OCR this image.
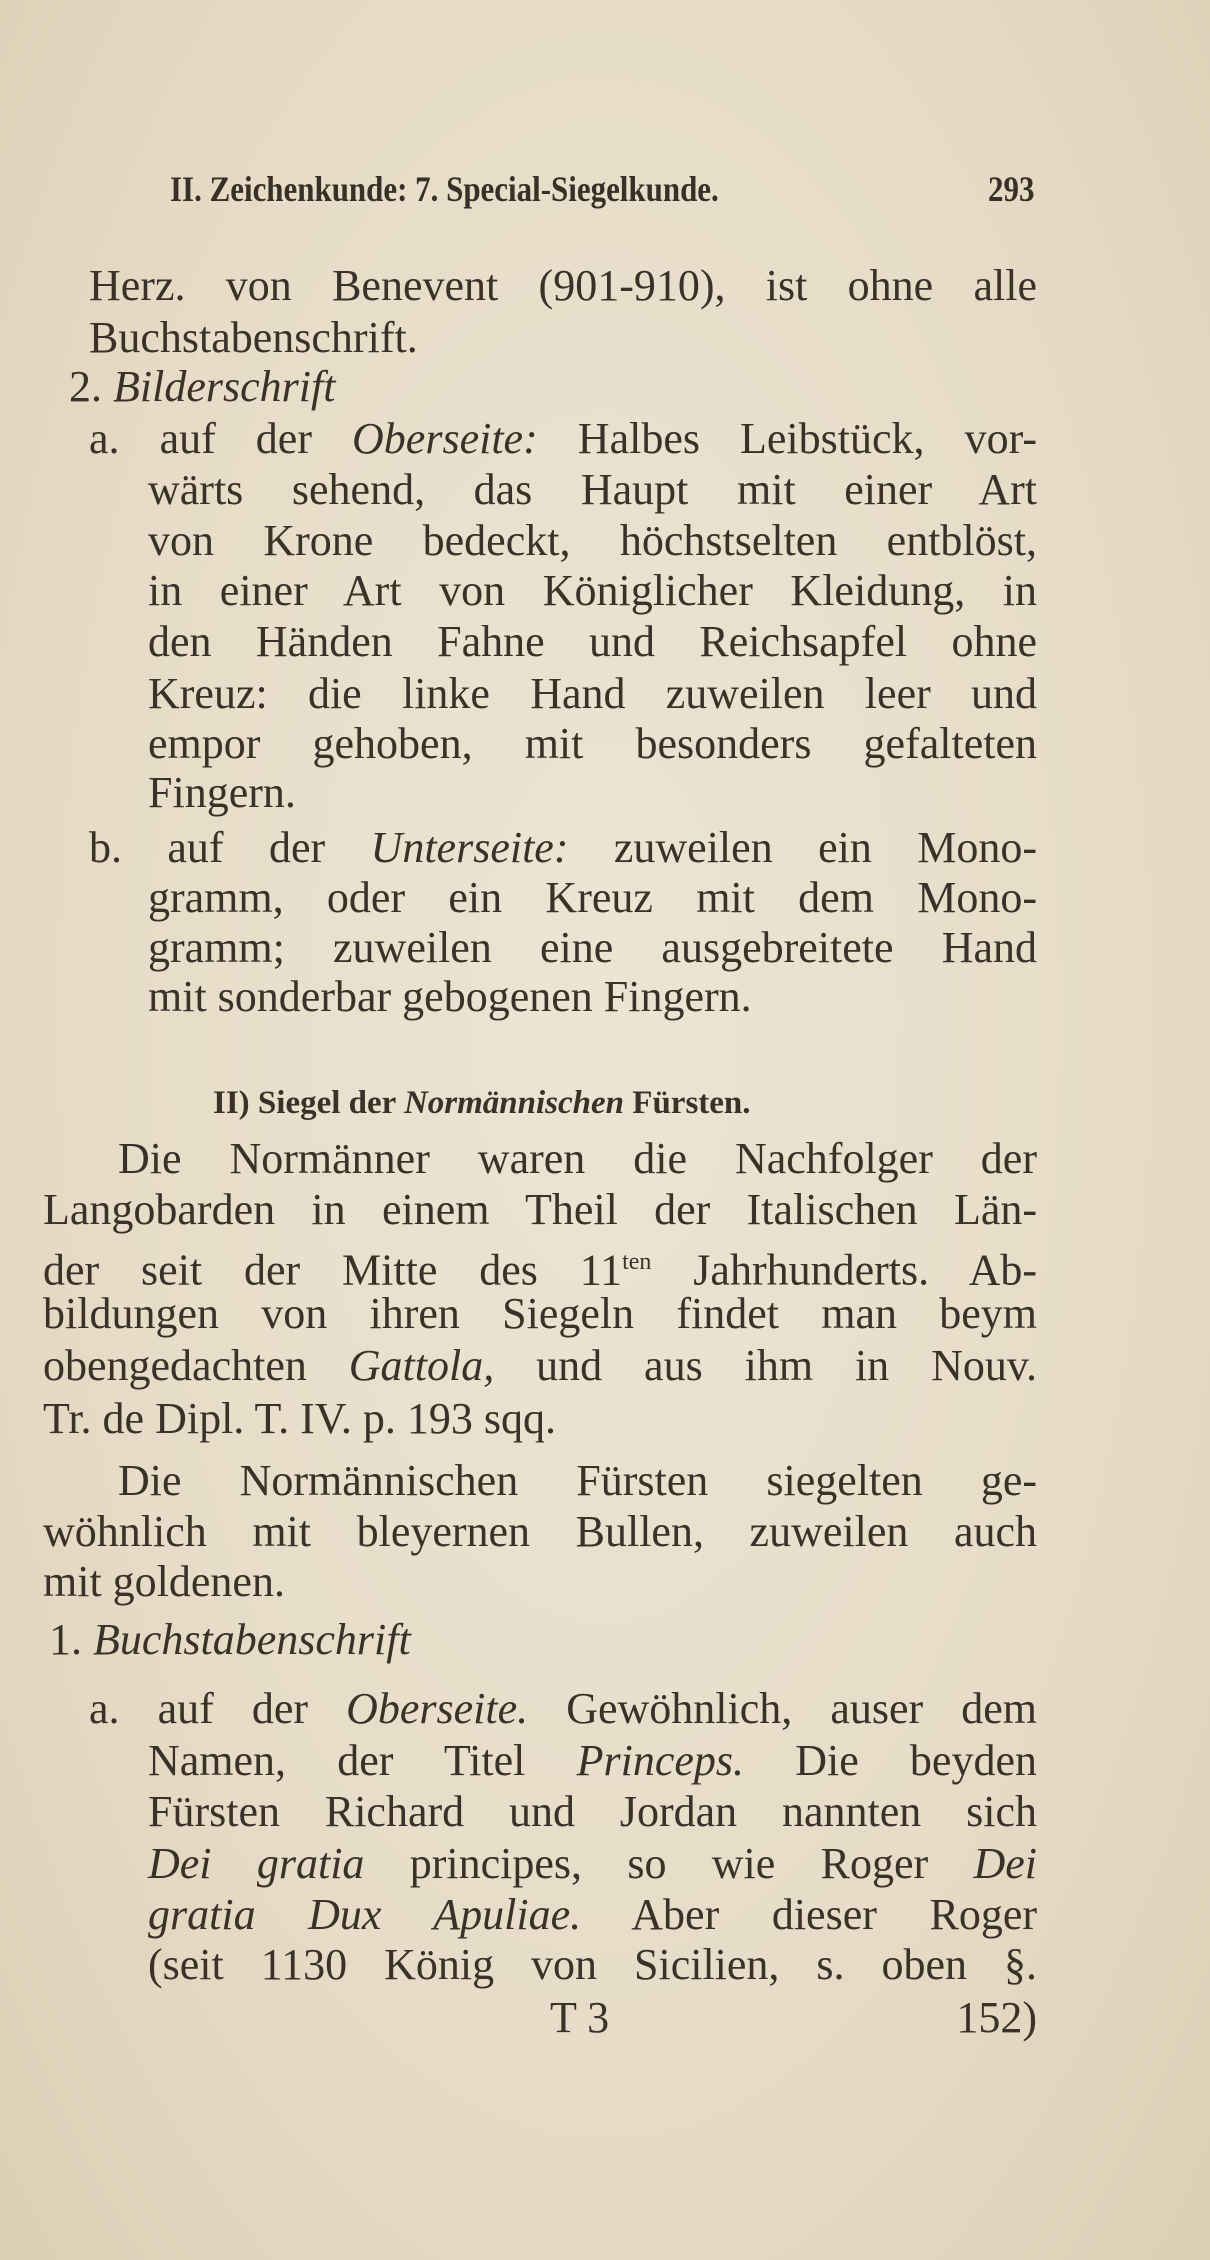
II. Zeichenkunde: 7. Special-Siegelkunde.	293
II) Siegel der Normännischen Fürsten.
Herz. von Benevent (901-910), ist ohne alle
Buchstabenschrift.
2. Bilderschrift
a. auf der Oberseite: Halbes Leibstück, vor-
wärts sehend, das Haupt mit einer Art
von Krone bedeckt, höchstselten entblöst,
in einer Art von Königlicher Kleidung, in
den Händen Fahne und Reichsapfel ohne
Kreuz: die linke Hand zuweilen leer und
empor gehoben, mit besonders gefalteten
Fingern.
b. auf der Unterseite: zuweilen ein Mono-
gramm, oder ein Kreuz mit dem Mono-
gramm; zuweilen eine ausgebreitete Hand
mit sonderbar gebogenen Fingern.
Die Normänner waren die Nachfolger der
Langobarden in einem Theil der Italischen Län-
der seit der Mitte des $11^{ten}$ Jahrhunderts. Ab-
bildungen von ihren Siegeln findet man beym
obengedachten Gattola, und aus ihm in Nouv.
Tr. de Dipl. T. IV. p. 193 sqq.
Die Normännischen Fürsten siegelten ge-
wöhnlich mit bleyernen Bullen, zuweilen auch
mit goldenen.
1. Buchstabenschrift
a. auf der Oberseite. Gewöhnlich, auser dem
Namen, der Titel Princeps. Die beyden
Fürsten Richard und Jordan nannten sich
Dei gratia principes, so wie Roger Dei
gratia Dux Apuliae. Aber dieser Roger
(seit 1130 König von Sicilien, s. oben §.
T 3	152)
